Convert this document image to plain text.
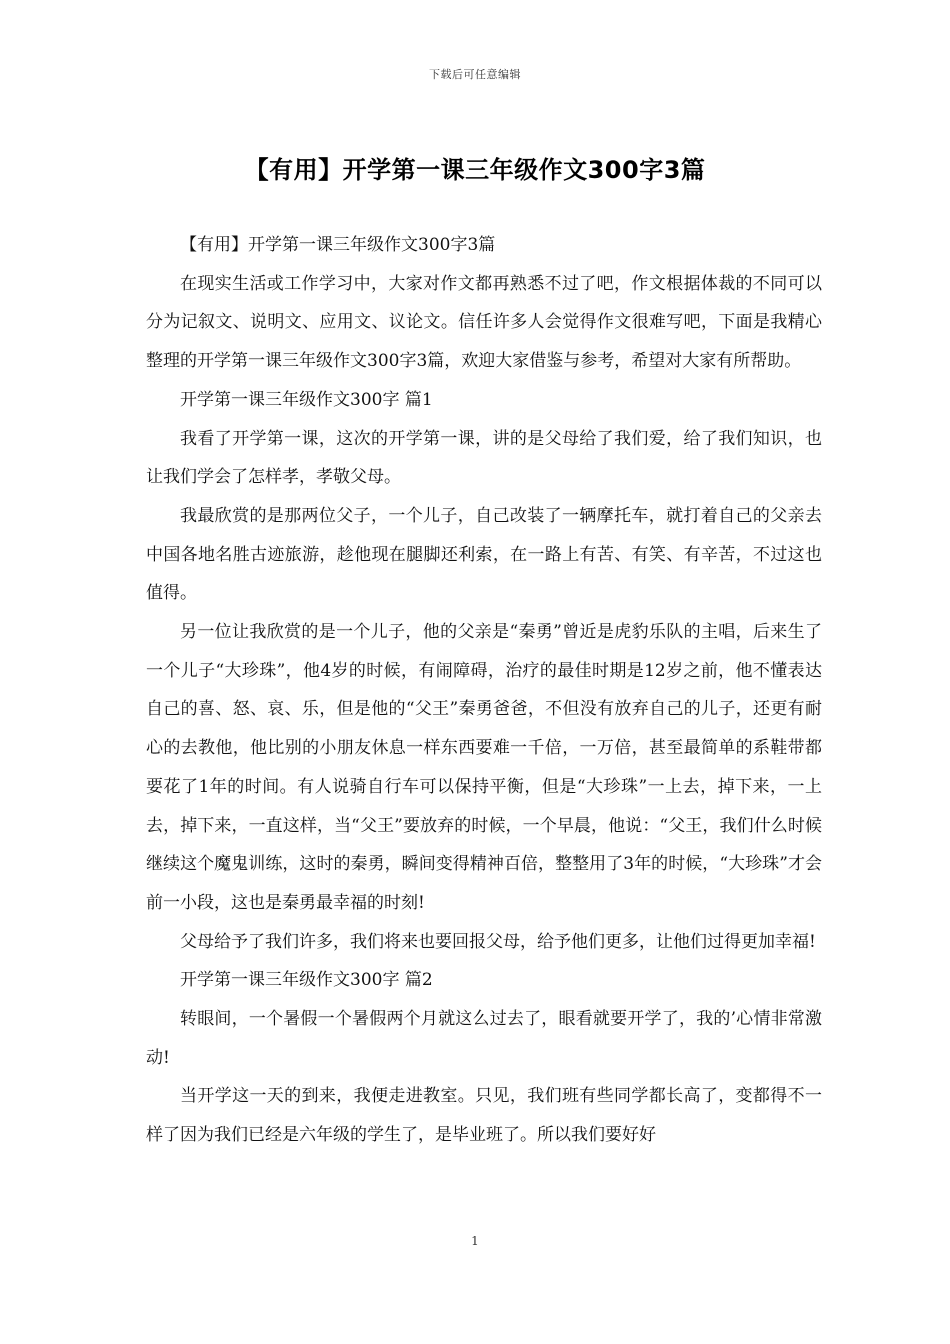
下载后可任意编辑
【有用】开学第一课三年级作文300字3篇

【有用】开学第一课三年级作文300字3篇

在现实生活或工作学习中，大家对作文都再熟悉不过了吧，作文根据体裁的不同可以分为记叙文、说明文、应用文、议论文。信任许多人会觉得作文很难写吧，下面是我精心整理的开学第一课三年级作文300字3篇，欢迎大家借鉴与参考，希望对大家有所帮助。

开学第一课三年级作文300字 篇1

我看了开学第一课，这次的开学第一课，讲的是父母给了我们爱，给了我们知识，也让我们学会了怎样孝，孝敬父母。

我最欣赏的是那两位父子，一个儿子，自己改装了一辆摩托车，就打着自己的父亲去中国各地名胜古迹旅游，趁他现在腿脚还利索，在一路上有苦、有笑、有辛苦，不过这也值得。

另一位让我欣赏的是一个儿子，他的父亲是“秦勇”曾近是虎豹乐队的主唱，后来生了一个儿子“大珍珠”，他4岁的时候，有闹障碍，治疗的最佳时期是12岁之前，他不懂表达自己的喜、怒、哀、乐，但是他的“父王”秦勇爸爸，不但没有放弃自己的儿子，还更有耐心的去教他，他比别的小朋友休息一样东西要难一千倍，一万倍，甚至最简单的系鞋带都要花了1年的时间。有人说骑自行车可以保持平衡，但是“大珍珠”一上去，掉下来，一上去，掉下来，一直这样，当“父王”要放弃的时候，一个早晨，他说：“父王，我们什么时候继续这个魔鬼训练，这时的秦勇，瞬间变得精神百倍，整整用了3年的时候，“大珍珠”才会前一小段，这也是秦勇最幸福的时刻!

父母给予了我们许多，我们将来也要回报父母，给予他们更多，让他们过得更加幸福!

开学第一课三年级作文300字 篇2

转眼间，一个暑假一个暑假两个月就这么过去了，眼看就要开学了，我的’心情非常激动!

当开学这一天的到来，我便走进教室。只见，我们班有些同学都长高了，变都得不一样了因为我们已经是六年级的学生了，是毕业班了。所以我们要好好

1
